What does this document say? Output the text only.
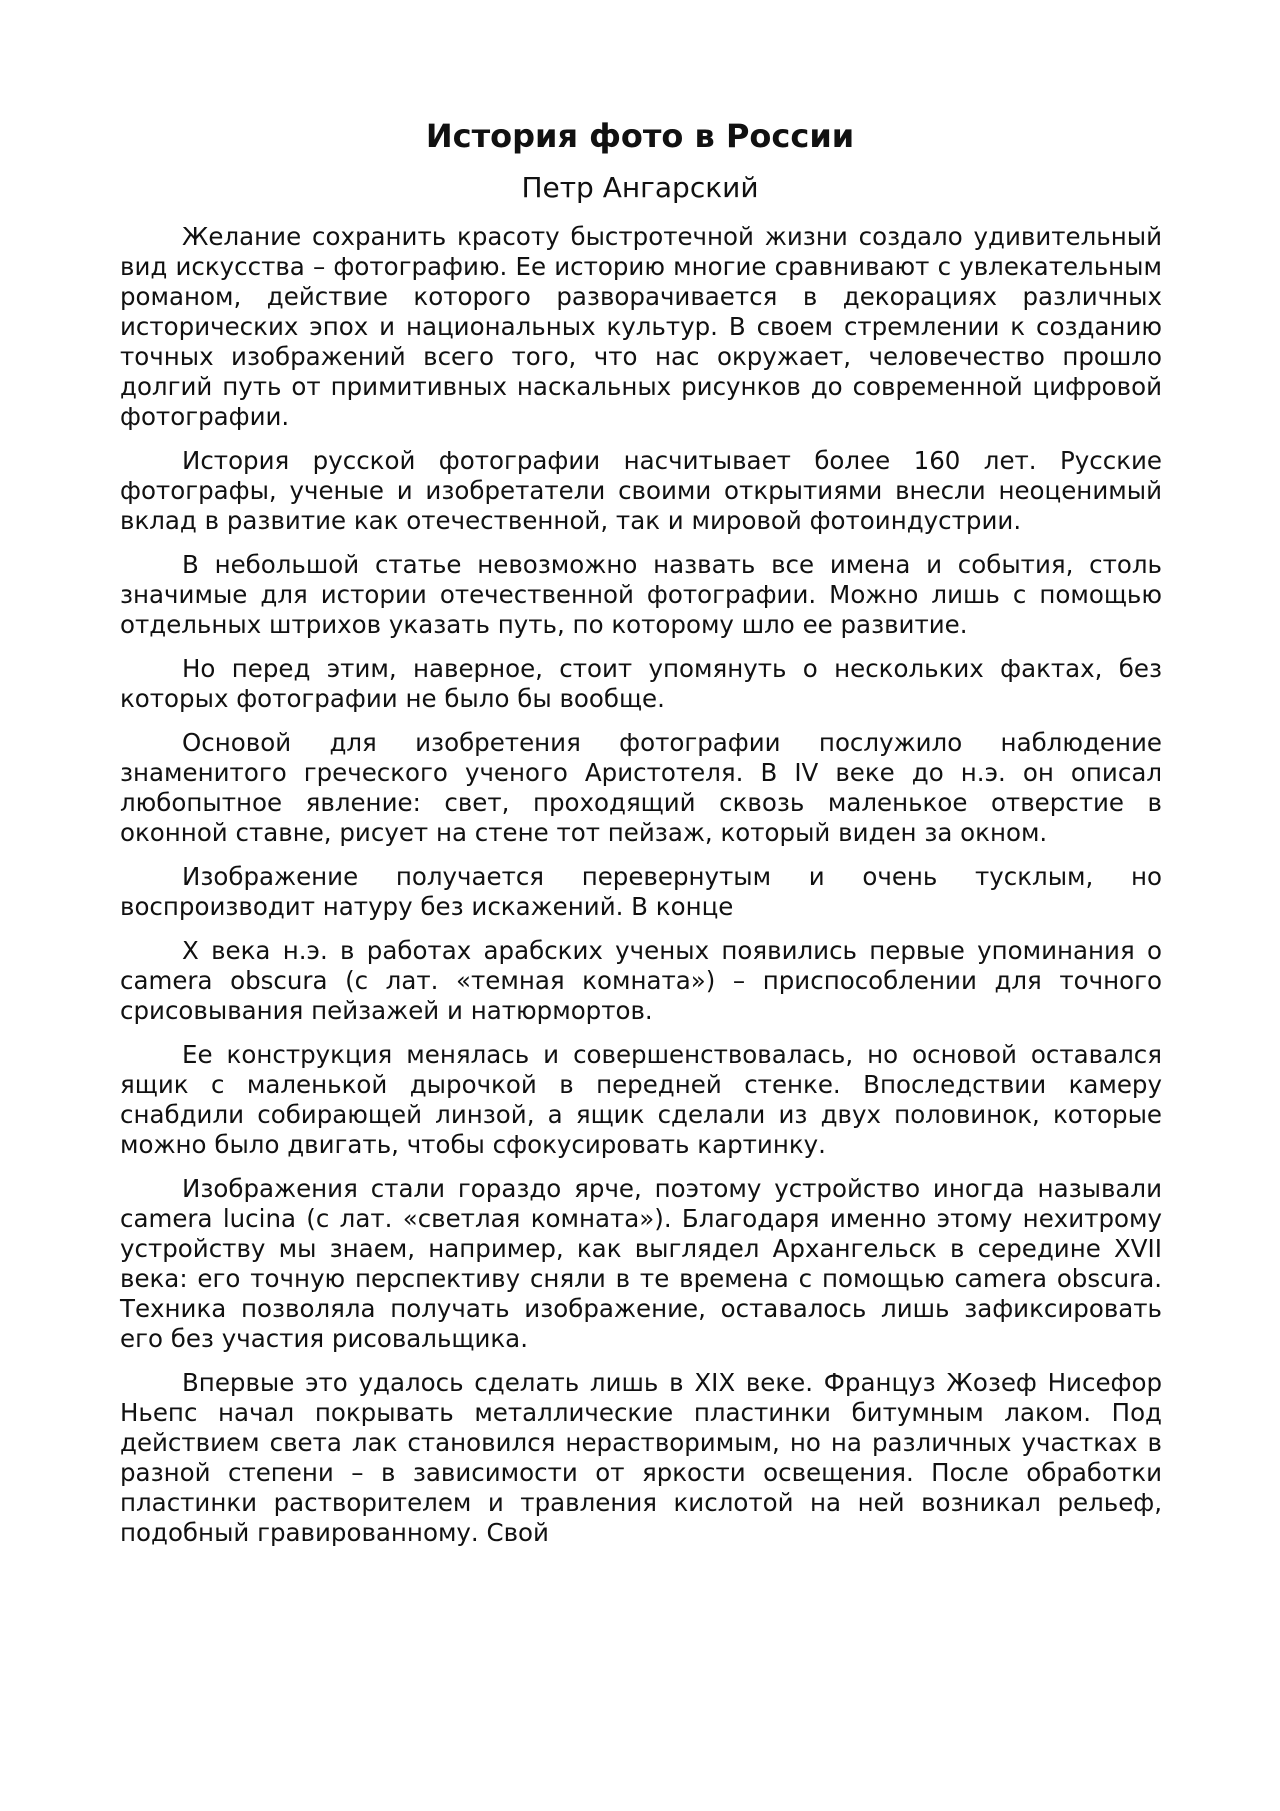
История фото в России
Петр Ангарский

Желание сохранить красоту быстротечной жизни создало удивительный вид искусства – фотографию. Ее историю многие сравнивают с увлекательным романом, действие которого разворачивается в декорациях различных исторических эпох и национальных культур. В своем стремлении к созданию точных изображений всего того, что нас окружает, человечество прошло долгий путь от примитивных наскальных рисунков до современной цифровой фотографии.

История русской фотографии насчитывает более 160 лет. Русские фотографы, ученые и изобретатели своими открытиями внесли неоценимый вклад в развитие как отечественной, так и мировой фотоиндустрии.

В небольшой статье невозможно назвать все имена и события, столь значимые для истории отечественной фотографии. Можно лишь с помощью отдельных штрихов указать путь, по которому шло ее развитие.

Но перед этим, наверное, стоит упомянуть о нескольких фактах, без которых фотографии не было бы вообще.

Основой для изобретения фотографии послужило наблюдение знаменитого греческого ученого Аристотеля. В IV веке до н.э. он описал любопытное явление: свет, проходящий сквозь маленькое отверстие в оконной ставне, рисует на стене тот пейзаж, который виден за окном.

Изображение получается перевернутым и очень тусклым, но воспроизводит натуру без искажений. В конце

X века н.э. в работах арабских ученых появились первые упоминания о camera obscura (с лат. «темная комната») – приспособлении для точного срисовывания пейзажей и натюрмортов.

Ее конструкция менялась и совершенствовалась, но основой оставался ящик с маленькой дырочкой в передней стенке. Впоследствии камеру снабдили собирающей линзой, а ящик сделали из двух половинок, которые можно было двигать, чтобы сфокусировать картинку.

Изображения стали гораздо ярче, поэтому устройство иногда называли camera lucina (с лат. «светлая комната»). Благодаря именно этому нехитрому устройству мы знаем, например, как выглядел Архангельск в середине XVII века: его точную перспективу сняли в те времена с помощью camera obscura. Техника позволяла получать изображение, оставалось лишь зафиксировать его без участия рисовальщика.

Впервые это удалось сделать лишь в XIX веке. Француз Жозеф Нисефор Ньепс начал покрывать металлические пластинки битумным лаком. Под действием света лак становился нерастворимым, но на различных участках в разной степени – в зависимости от яркости освещения. После обработки пластинки растворителем и травления кислотой на ней возникал рельеф, подобный гравированному. Свой
